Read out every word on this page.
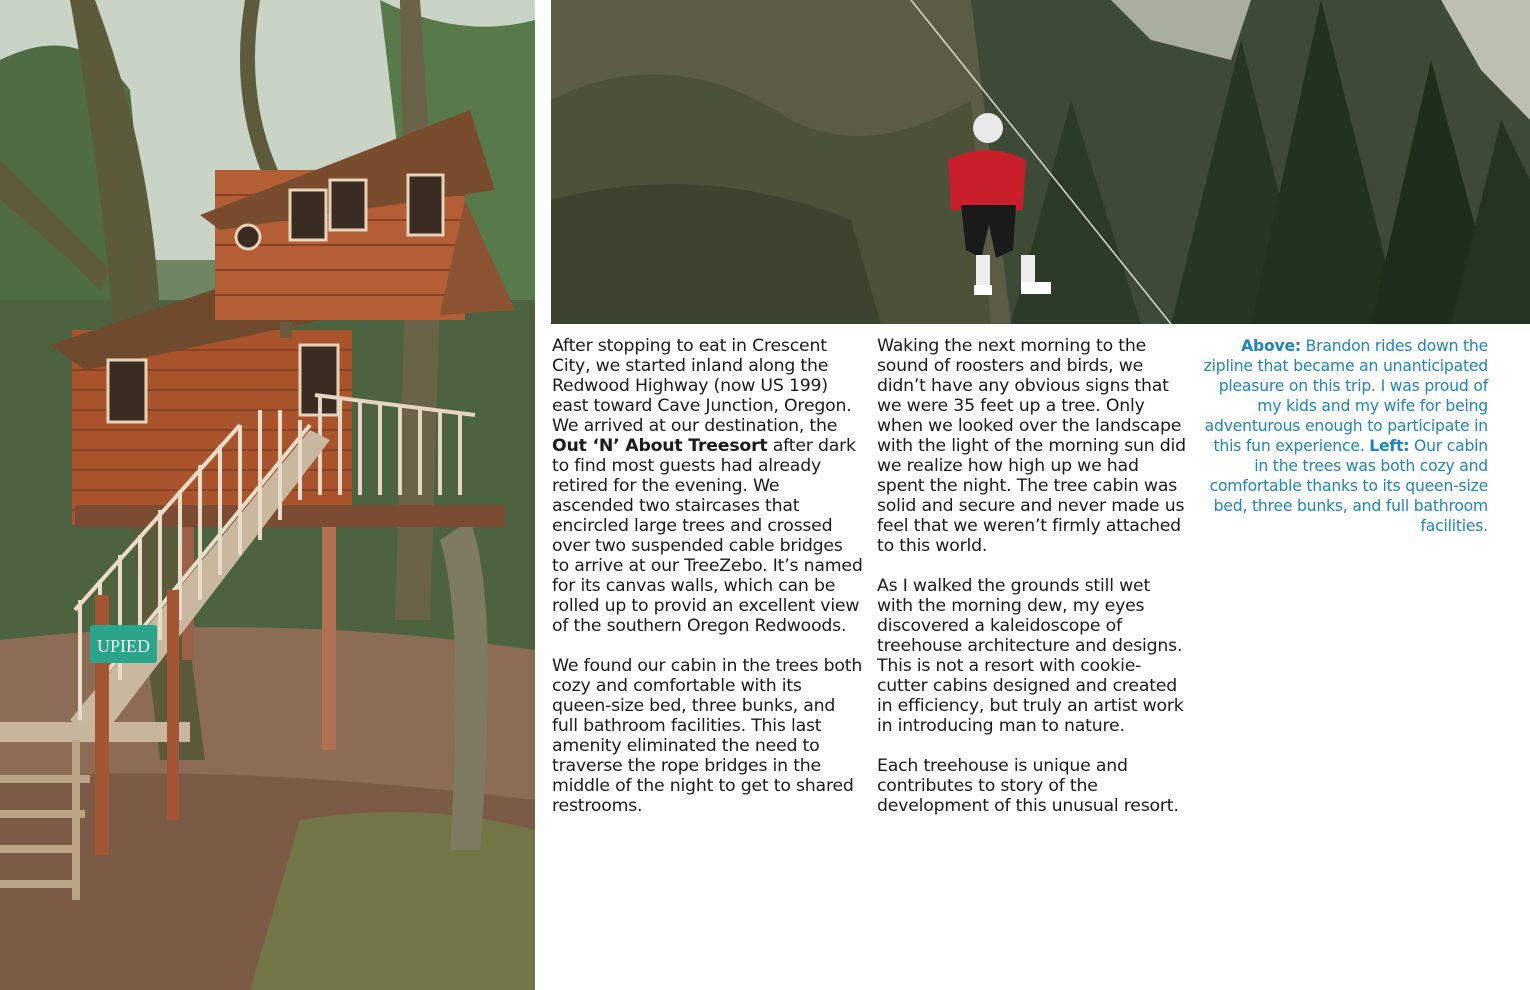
UPIED

After stopping to eat in Crescent City, we started inland along the Redwood Highway (now US 199) east toward Cave Junction, Oregon. We arrived at our destination, the Out ‘N’ About Treesort after dark to find most guests had already retired for the evening. We ascended two staircases that encircled large trees and crossed over two suspended cable bridges to arrive at our TreeZebo. It’s named for its canvas walls, which can be rolled up to provid an excellent view of the southern Oregon Redwoods.

We found our cabin in the trees both cozy and comfortable with its queen-size bed, three bunks, and full bathroom facilities. This last amenity eliminated the need to traverse the rope bridges in the middle of the night to get to shared restrooms.

Waking the next morning to the sound of roosters and birds, we didn’t have any obvious signs that we were 35 feet up a tree. Only when we looked over the landscape with the light of the morning sun did we realize how high up we had spent the night. The tree cabin was solid and secure and never made us feel that we weren’t firmly attached to this world.

As I walked the grounds still wet with the morning dew, my eyes discovered a kaleidoscope of treehouse architecture and designs. This is not a resort with cookie-cutter cabins designed and created in efficiency, but truly an artist work in introducing man to nature.

Each treehouse is unique and contributes to story of the development of this unusual resort.

Above: Brandon rides down the zipline that became an unanticipated pleasure on this trip. I was proud of my kids and my wife for being adventurous enough to participate in this fun experience. Left: Our cabin in the trees was both cozy and comfortable thanks to its queen-size bed, three bunks, and full bathroom facilities.
